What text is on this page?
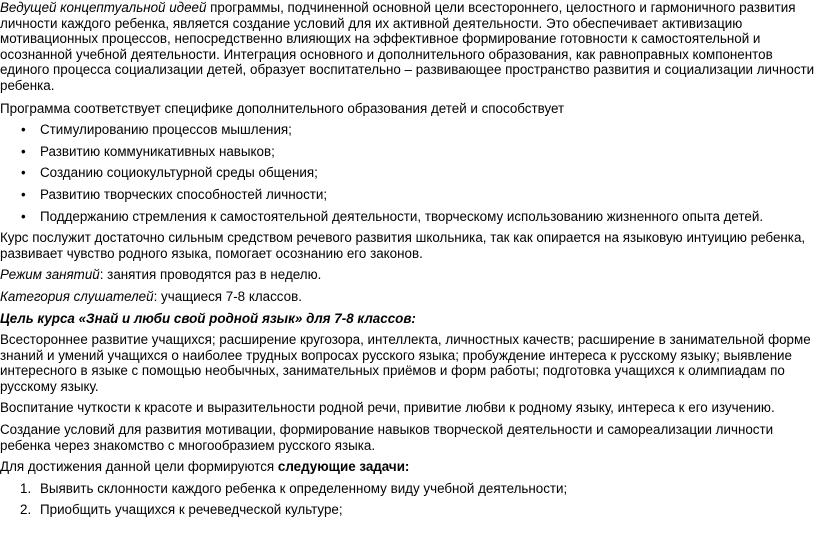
Ведущей концептуальной идеей программы, подчиненной основной цели всестороннего, целостного и гармоничного развития личности каждого ребенка, является создание условий для их активной деятельности. Это обеспечивает активизацию мотивационных процессов, непосредственно влияющих на эффективное формирование готовности к самостоятельной и осознанной учебной деятельности. Интеграция основного и дополнительного образования, как равноправных компонентов единого процесса социализации детей, образует воспитательно – развивающее пространство развития и социализации личности ребенка.

Программа соответствует специфике дополнительного образования детей и способствует

• Стимулированию процессов мышления;
• Развитию коммуникативных навыков;
• Созданию социокультурной среды общения;
• Развитию творческих способностей личности;
• Поддержанию стремления к самостоятельной деятельности, творческому использованию жизненного опыта детей.

Курс послужит достаточно сильным средством речевого развития школьника, так как опирается на языковую интуицию ребенка, развивает чувство родного языка, помогает осознанию его законов.

Режим занятий: занятия проводятся раз в неделю.

Категория слушателей: учащиеся 7-8 классов.

Цель курса «Знай и люби свой родной язык» для 7-8 классов:

Всестороннее развитие учащихся; расширение кругозора, интеллекта, личностных качеств; расширение в занимательной форме знаний и умений учащихся о наиболее трудных вопросах русского языка; пробуждение интереса к русскому языку; выявление интересного в языке с помощью необычных, занимательных приёмов и форм работы; подготовка учащихся к олимпиадам по русскому языку.

Воспитание чуткости к красоте и выразительности родной речи, привитие любви к родному языку, интереса к его изучению.

Создание условий для развития мотивации, формирование навыков творческой деятельности и самореализации личности ребенка через знакомство с многообразием русского языка.

Для достижения данной цели формируются следующие задачи:

1. Выявить склонности каждого ребенка к определенному виду учебной деятельности;
2. Приобщить учащихся к речеведческой культуре;
